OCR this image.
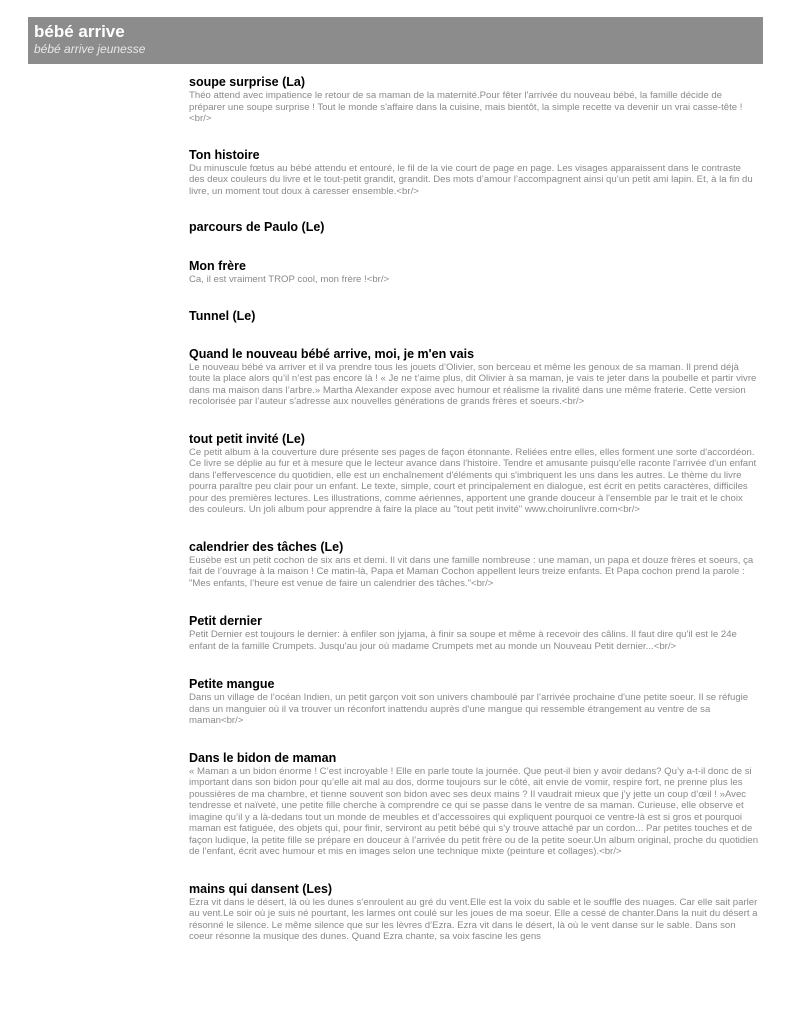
bébé arrive
bébé arrive jeunesse
soupe surprise (La)
Théo attend avec impatience le retour de sa maman de la maternité.Pour fêter l'arrivée du nouveau bébé, la famille décide de préparer une soupe surprise ! Tout le monde s'affaire dans la cuisine, mais bientôt, la simple recette va devenir un vrai casse-tête !<br/>
Ton histoire
Du minuscule fœtus au bébé attendu et entouré, le fil de la vie court de page en page. Les visages apparaissent dans le contraste des deux couleurs du livre et le tout-petit grandit, grandit. Des mots d’amour l’accompagnent ainsi qu’un petit ami lapin. Et, à la fin du livre, un moment tout doux à caresser ensemble.<br/>
parcours de Paulo (Le)
Mon frère
Ca, il est vraiment TROP cool, mon frère !<br/>
Tunnel (Le)
Quand le nouveau bébé arrive, moi, je m'en vais
Le nouveau bébé va arriver et il va prendre tous les jouets d’Olivier, son berceau et même les genoux de sa maman. Il prend déjà toute la place alors qu’il n’est pas encore là ! « Je ne t’aime plus, dit Olivier à sa maman, je vais te jeter dans la poubelle et partir vivre dans ma maison dans l’arbre.» Martha Alexander expose avec humour et réalisme la rivalité dans une même fraterie. Cette version recolorisée par l’auteur s’adresse aux nouvelles générations de grands frères et soeurs.<br/>
tout petit invité (Le)
Ce petit album à la couverture dure présente ses pages de façon étonnante. Reliées entre elles, elles forment une sorte d'accordéon. Ce livre se déplie au fur et à mesure que le lecteur avance dans l'histoire. Tendre et amusante puisqu'elle raconte l'arrivée d'un enfant dans l'effervescence du quotidien, elle est un enchaînement d'éléments qui s'imbriquent les uns dans les autres. Le thème du livre pourra paraître peu clair pour un enfant. Le texte, simple, court et principalement en dialogue, est écrit en petits caractères, difficiles pour des premières lectures. Les illustrations, comme aériennes, apportent une grande douceur à l'ensemble par le trait et le choix des couleurs. Un joli album pour apprendre à faire la place au "tout petit invité" www.choirunlivre.com<br/>
calendrier des tâches (Le)
Eusèbe est un petit cochon de six ans et demi. Il vit dans une famille nombreuse : une maman, un papa et douze frères et soeurs, ça fait de l’ouvrage à la maison ! Ce matin-là, Papa et Maman Cochon appellent leurs treize enfants. Et Papa cochon prend la parole : "Mes enfants, l’heure est venue de faire un calendrier des tâches."<br/>
Petit dernier
Petit Dernier est toujours le dernier: à enfiler son jyjama, à finir sa soupe et même à recevoir des câlins. Il faut dire qu'il est le 24e enfant de la famille Crumpets. Jusqu'au jour où madame Crumpets met au monde un Nouveau Petit dernier...<br/>
Petite mangue
Dans un village de l’océan Indien, un petit garçon voit son univers chamboulé par l’arrivée prochaine d'une petite soeur. Il se réfugie dans un manguier où il va trouver un réconfort inattendu auprès d'une mangue qui ressemble étrangement au ventre de sa maman<br/>
Dans le bidon de maman
« Maman a un bidon énorme ! C’est incroyable ! Elle en parle toute la journée. Que peut-il bien y avoir dedans? Qu’y a-t-il donc de si important dans son bidon pour qu’elle ait mal au dos, dorme toujours sur le côté, ait envie de vomir, respire fort, ne prenne plus les poussières de ma chambre, et tienne souvent son bidon avec ses deux mains ? Il vaudrait mieux que j’y jette un coup d’œil ! »Avec tendresse et naïveté, une petite fille cherche à comprendre ce qui se passe dans le ventre de sa maman. Curieuse, elle observe et imagine qu’il y a là-dedans tout un monde de meubles et d’accessoires qui expliquent pourquoi ce ventre-là est si gros et pourquoi maman est fatiguée, des objets qui, pour finir, serviront au petit bébé qui s’y trouve attaché par un cordon... Par petites touches et de façon ludique, la petite fille se prépare en douceur à l’arrivée du petit frère ou de la petite soeur.Un album original, proche du quotidien de l’enfant, écrit avec humour et mis en images selon une technique mixte (peinture et collages).<br/>
mains qui dansent (Les)
Ezra vit dans le désert, là où les dunes s’enroulent au gré du vent.Elle est la voix du sable et le souffle des nuages. Car elle sait parler au vent.Le soir où je suis né pourtant, les larmes ont coulé sur les joues de ma soeur. Elle a cessé de chanter.Dans la nuit du désert a résonné le silence. Le même silence que sur les lèvres d’Ezra. Ezra vit dans le désert, là où le vent danse sur le sable. Dans son coeur résonne la musique des dunes. Quand Ezra chante, sa voix fascine les gens
